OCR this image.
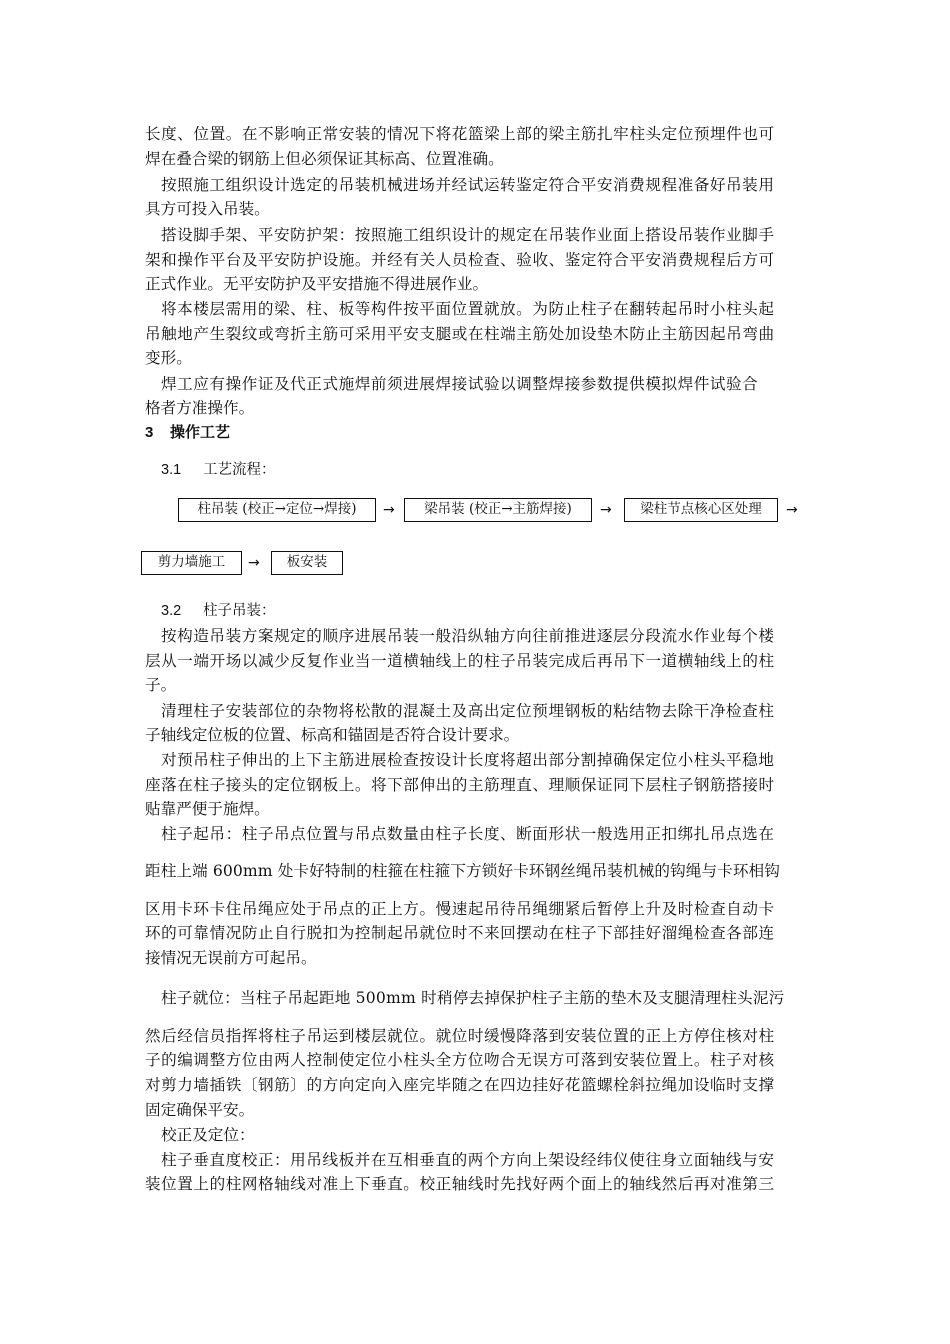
长度、位置。在不影响正常安装的情况下将花篮梁上部的梁主筋扎牢柱头定位预埋件也可
焊在叠合梁的钢筋上但必须保证其标高、位置准确。
按照施工组织设计选定的吊装机械进场并经试运转鉴定符合平安消费规程准备好吊装用
具方可投入吊装。
搭设脚手架、平安防护架：按照施工组织设计的规定在吊装作业面上搭设吊装作业脚手
架和操作平台及平安防护设施。并经有关人员检查、验收、鉴定符合平安消费规程后方可
正式作业。无平安防护及平安措施不得进展作业。
将本楼层需用的梁、柱、板等构件按平面位置就放。为防止柱子在翻转起吊时小柱头起
吊触地产生裂纹或弯折主筋可采用平安支腿或在柱端主筋处加设垫木防止主筋因起吊弯曲
变形。
焊工应有操作证及代正式施焊前须进展焊接试验以调整焊接参数提供模拟焊件试验合
格者方准操作。
3 操作工艺
3.1 工艺流程：
柱吊装 (校正→定位→焊接)	→	梁吊装 (校正→主筋焊接)	→	梁柱节点核心区处理	→
剪力墙施工	→	板安装
3.2 柱子吊装：
按构造吊装方案规定的顺序进展吊装一般沿纵轴方向往前推进逐层分段流水作业每个楼
层从一端开场以减少反复作业当一道横轴线上的柱子吊装完成后再吊下一道横轴线上的柱
子。
清理柱子安装部位的杂物将松散的混凝土及高出定位预埋钢板的粘结物去除干净检查柱
子轴线定位板的位置、标高和锚固是否符合设计要求。
对预吊柱子伸出的上下主筋进展检查按设计长度将超出部分割掉确保定位小柱头平稳地
座落在柱子接头的定位钢板上。将下部伸出的主筋理直、理顺保证同下层柱子钢筋搭接时
贴靠严便于施焊。
柱子起吊：柱子吊点位置与吊点数量由柱子长度、断面形状一般选用正扣绑扎吊点选在
距柱上端 600mm 处卡好特制的柱箍在柱箍下方锁好卡环钢丝绳吊装机械的钩绳与卡环相钩
区用卡环卡住吊绳应处于吊点的正上方。慢速起吊待吊绳绷紧后暂停上升及时检查自动卡
环的可靠情况防止自行脱扣为控制起吊就位时不来回摆动在柱子下部挂好溜绳检查各部连
接情况无误前方可起吊。
柱子就位：当柱子吊起距地 500mm 时稍停去掉保护柱子主筋的垫木及支腿清理柱头泥污
然后经信员指挥将柱子吊运到楼层就位。就位时缓慢降落到安装位置的正上方停住核对柱
子的编调整方位由两人控制使定位小柱头全方位吻合无误方可落到安装位置上。柱子对核
对剪力墙插铁〔钢筋〕的方向定向入座完毕随之在四边挂好花篮螺栓斜拉绳加设临时支撑
固定确保平安。
校正及定位：
柱子垂直度校正：用吊线板并在互相垂直的两个方向上架设经纬仪使往身立面轴线与安
装位置上的柱网格轴线对准上下垂直。校正轴线时先找好两个面上的轴线然后再对准第三
